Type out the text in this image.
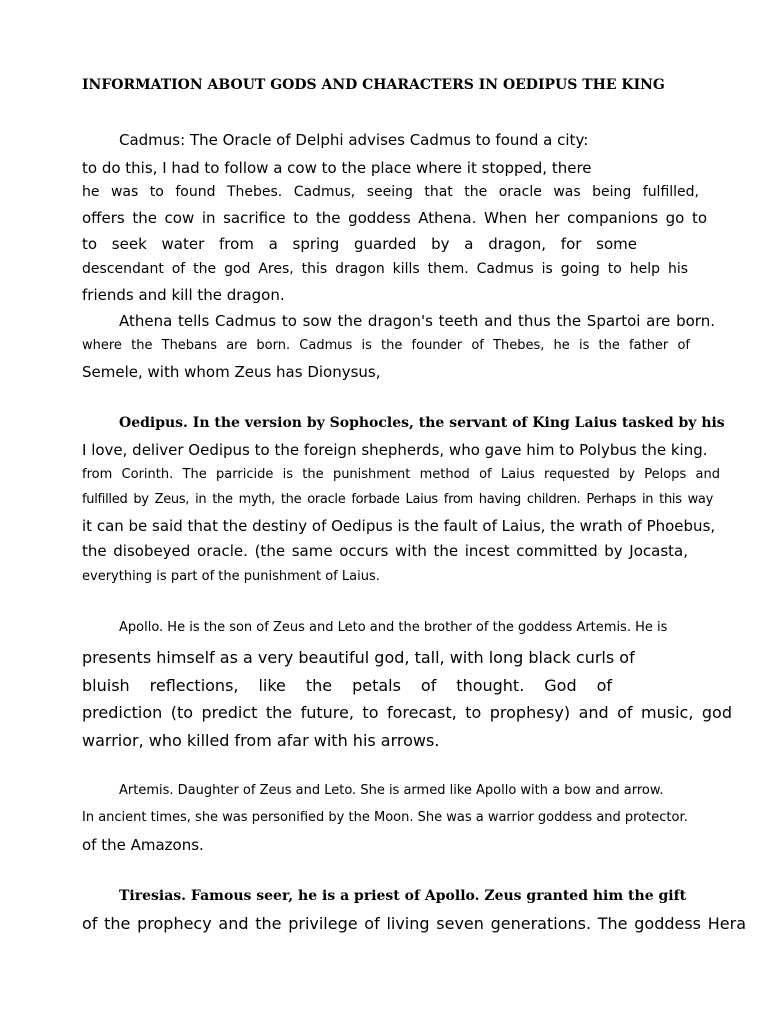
INFORMATION ABOUT GODS AND CHARACTERS IN OEDIPUS THE KING
Cadmus: The Oracle of Delphi advises Cadmus to found a city:
to do this, I had to follow a cow to the place where it stopped, there
he was to found Thebes. Cadmus, seeing that the oracle was being fulfilled,
offers the cow in sacrifice to the goddess Athena. When her companions go to
to seek water from a spring guarded by a dragon, for some
descendant of the god Ares, this dragon kills them. Cadmus is going to help his
friends and kill the dragon.
Athena tells Cadmus to sow the dragon's teeth and thus the Spartoi are born.
where the Thebans are born. Cadmus is the founder of Thebes, he is the father of
Semele, with whom Zeus has Dionysus,
Oedipus. In the version by Sophocles, the servant of King Laius tasked by his
I love, deliver Oedipus to the foreign shepherds, who gave him to Polybus the king.
from Corinth. The parricide is the punishment method of Laius requested by Pelops and
fulfilled by Zeus, in the myth, the oracle forbade Laius from having children. Perhaps in this way
it can be said that the destiny of Oedipus is the fault of Laius, the wrath of Phoebus,
the disobeyed oracle. (the same occurs with the incest committed by Jocasta,
everything is part of the punishment of Laius.
Apollo. He is the son of Zeus and Leto and the brother of the goddess Artemis. He is
presents himself as a very beautiful god, tall, with long black curls of
bluish reflections, like the petals of thought. God of
prediction (to predict the future, to forecast, to prophesy) and of music, god
warrior, who killed from afar with his arrows.
Artemis. Daughter of Zeus and Leto. She is armed like Apollo with a bow and arrow.
In ancient times, she was personified by the Moon. She was a warrior goddess and protector.
of the Amazons.
Tiresias. Famous seer, he is a priest of Apollo. Zeus granted him the gift
of the prophecy and the privilege of living seven generations. The goddess Hera
